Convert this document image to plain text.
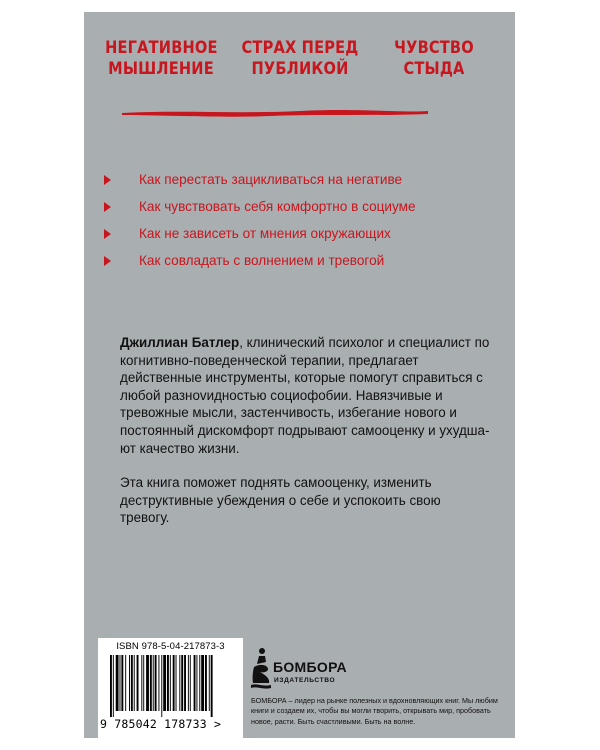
НЕГАТИВНОЕ
МЫШЛЕНИЕ
СТРАХ ПЕРЕД
ПУБЛИКОЙ
ЧУВСТВО
СТЫДА
Как перестать зацикливаться на негативе
Как чувствовать себя комфортно в социуме
Как не зависеть от мнения окружающих
Как совладать с волнением и тревогой

Джиллиан Батлер, клинический психолог и специалист по когнитивно-поведенческой терапии, предлагает действенные инструменты, которые помогут справиться с любой разноvидностью социофобии. Навязчивые и тревожные мысли, застенчивость, избегание нового и постоянный дискомфорт подрывают самооценку и ухудшают качество жизни.

Эта книга поможет поднять самооценку, изменить деструктивные убеждения о себе и успокоить свою тревогу.

ISBN 978-5-04-217873-3
9 785042 178733 >
БОМБОРА
ИЗДАТЕЛЬСТВО

БОМБОРА – лидер на рынке полезных и вдохновляющих книг. Мы любим книги и создаем их, чтобы вы могли творить, открывать мир, пробовать новое, расти. Быть счастливыми. Быть на волне.
